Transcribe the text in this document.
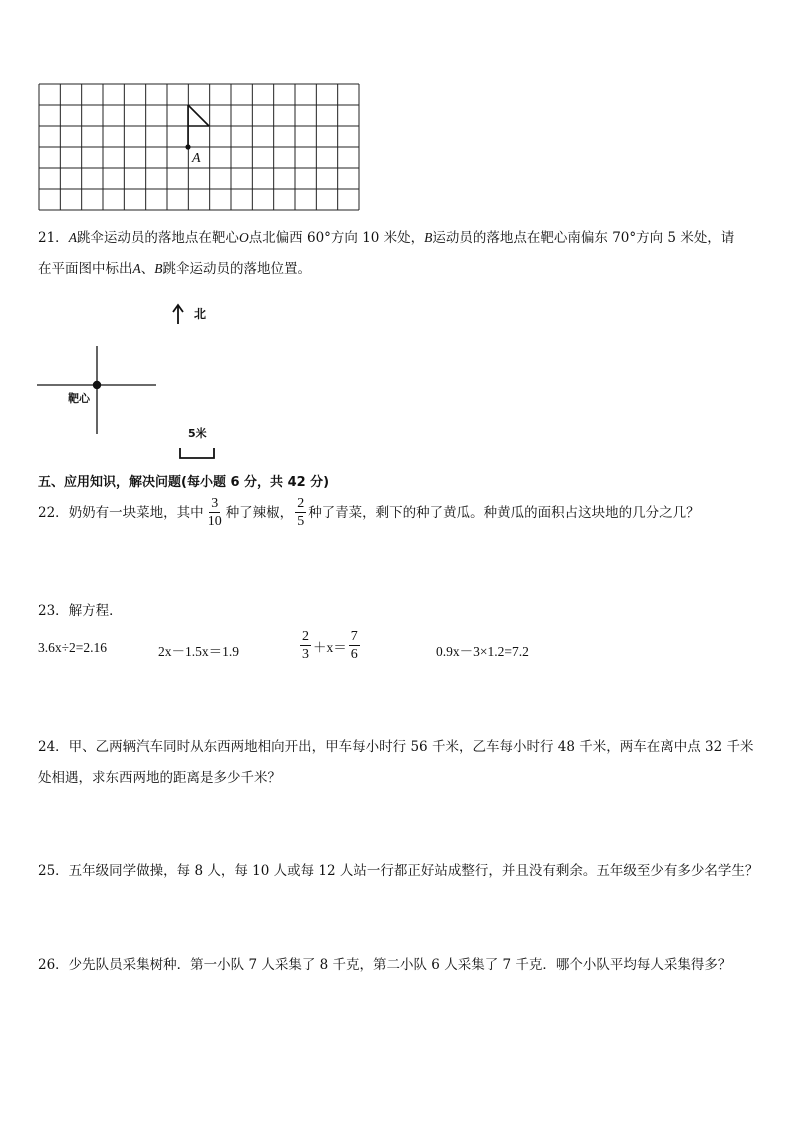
A
21．A跳伞运动员的落地点在靶心O点北偏西 60°方向 10 米处，B运动员的落地点在靶心南偏东 70°方向 5 米处，请
在平面图中标出A、B跳伞运动员的落地位置。
北
靶心
5米
五、应用知识，解决问题(每小题 6 分，共 42 分)
22． 奶奶有一块菜地，其中 $\frac{3}{10}$ 种了辣椒， $\frac{2}{5}$ 种了青菜，剩下的种了黄瓜。种黄瓜的面积占这块地的几分之几？
23．解方程．
3.6x÷2=2.16	2x－1.5x＝1.9	$\frac{2}{3} +x= \frac{7}{6}$	0.9x－3×1.2=7.2
24．甲、乙两辆汽车同时从东西两地相向开出，甲车每小时行 56 千米，乙车每小时行 48 千米，两车在离中点 32 千米
处相遇，求东西两地的距离是多少千米？
25．五年级同学做操，每 8 人，每 10 人或每 12 人站一行都正好站成整行，并且没有剩余。五年级至少有多少名学生？
26．少先队员采集树种．第一小队 7 人采集了 8 千克，第二小队 6 人采集了 7 千克．哪个小队平均每人采集得多？
